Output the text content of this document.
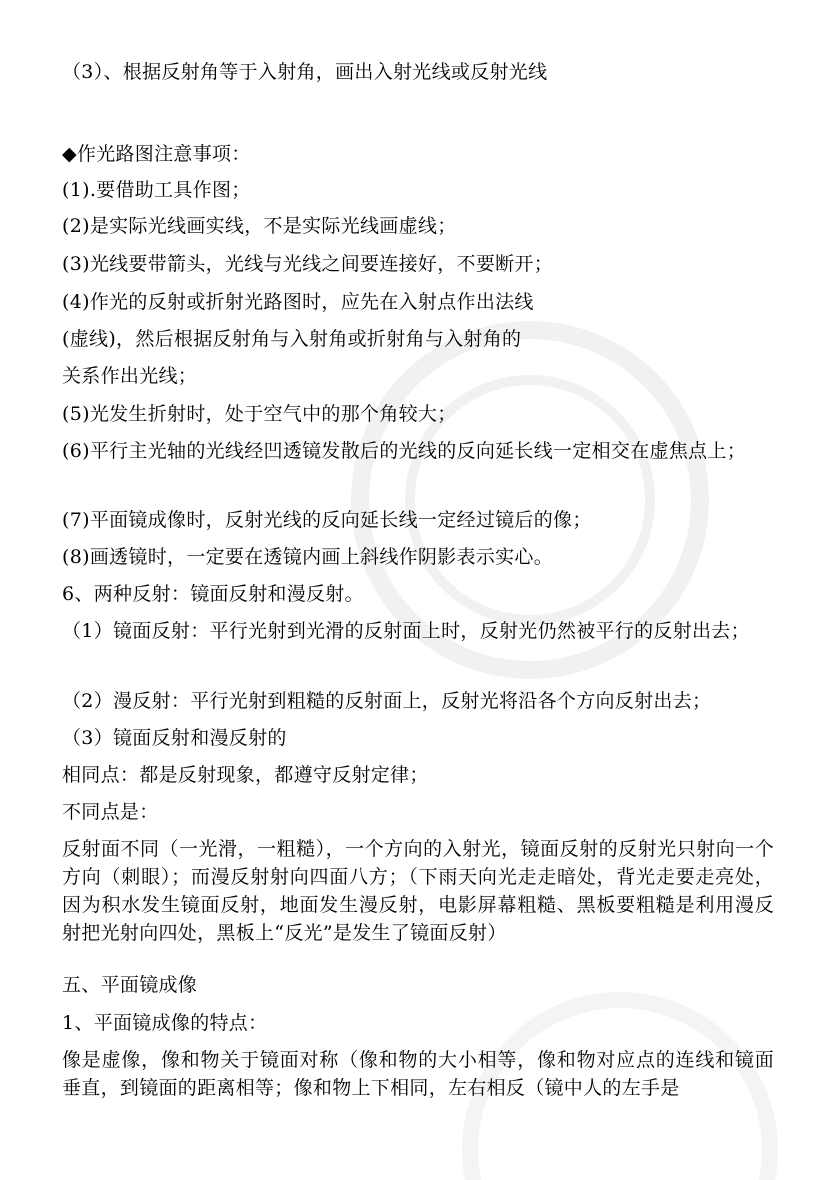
（3）、根据反射角等于入射角，画出入射光线或反射光线
◆作光路图注意事项：
(1).要借助工具作图；
(2)是实际光线画实线，不是实际光线画虚线；
(3)光线要带箭头，光线与光线之间要连接好，不要断开；
(4)作光的反射或折射光路图时，应先在入射点作出法线
(虚线)，然后根据反射角与入射角或折射角与入射角的
关系作出光线；
(5)光发生折射时，处于空气中的那个角较大；
(6)平行主光轴的光线经凹透镜发散后的光线的反向延长线一定相交在虚焦点上；
(7)平面镜成像时，反射光线的反向延长线一定经过镜后的像；
(8)画透镜时，一定要在透镜内画上斜线作阴影表示实心。
6、两种反射：镜面反射和漫反射。
（1）镜面反射：平行光射到光滑的反射面上时，反射光仍然被平行的反射出去；
（2）漫反射：平行光射到粗糙的反射面上，反射光将沿各个方向反射出去；
（3）镜面反射和漫反射的
相同点：都是反射现象，都遵守反射定律；
不同点是：
反射面不同（一光滑，一粗糙），一个方向的入射光，镜面反射的反射光只射向一个方向（刺眼）；而漫反射射向四面八方；（下雨天向光走走暗处，背光走要走亮处，因为积水发生镜面反射，地面发生漫反射，电影屏幕粗糙、黑板要粗糙是利用漫反射把光射向四处，黑板上“反光”是发生了镜面反射）
五、平面镜成像
1、平面镜成像的特点：
像是虚像，像和物关于镜面对称（像和物的大小相等，像和物对应点的连线和镜面垂直，到镜面的距离相等；像和物上下相同，左右相反（镜中人的左手是
